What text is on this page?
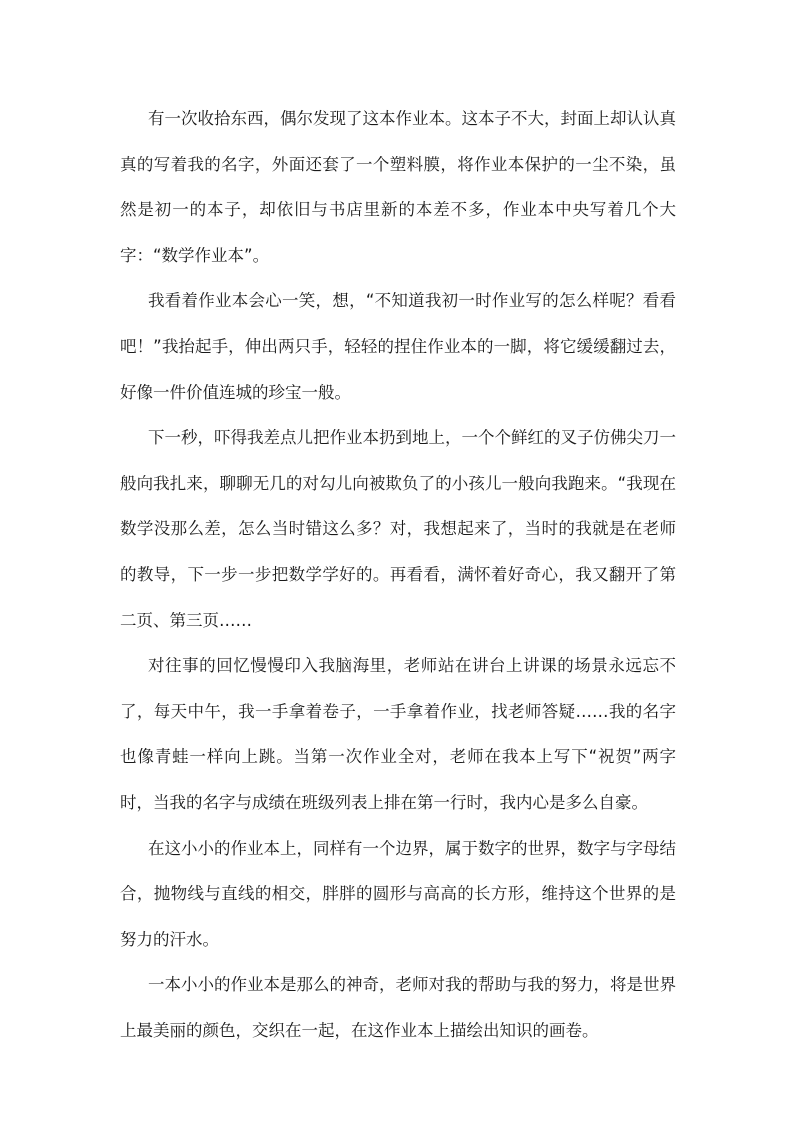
有一次收拾东西，偶尔发现了这本作业本。这本子不大，封面上却认认真真的写着我的名字，外面还套了一个塑料膜，将作业本保护的一尘不染，虽然是初一的本子，却依旧与书店里新的本差不多，作业本中央写着几个大字：“数学作业本”。

我看着作业本会心一笑，想，“不知道我初一时作业写的怎么样呢？看看吧！”我抬起手，伸出两只手，轻轻的捏住作业本的一脚，将它缓缓翻过去，好像一件价值连城的珍宝一般。

下一秒，吓得我差点儿把作业本扔到地上，一个个鲜红的叉子仿佛尖刀一般向我扎来，聊聊无几的对勾儿向被欺负了的小孩儿一般向我跑来。“我现在数学没那么差，怎么当时错这么多？对，我想起来了，当时的我就是在老师的教导，下一步一步把数学学好的。再看看，满怀着好奇心，我又翻开了第二页、第三页……

对往事的回忆慢慢印入我脑海里，老师站在讲台上讲课的场景永远忘不了，每天中午，我一手拿着卷子，一手拿着作业，找老师答疑……我的名字也像青蛙一样向上跳。当第一次作业全对，老师在我本上写下“祝贺”两字时，当我的名字与成绩在班级列表上排在第一行时，我内心是多么自豪。

在这小小的作业本上，同样有一个边界，属于数字的世界，数字与字母结合，抛物线与直线的相交，胖胖的圆形与高高的长方形，维持这个世界的是努力的汗水。

一本小小的作业本是那么的神奇，老师对我的帮助与我的努力，将是世界上最美丽的颜色，交织在一起，在这作业本上描绘出知识的画卷。
